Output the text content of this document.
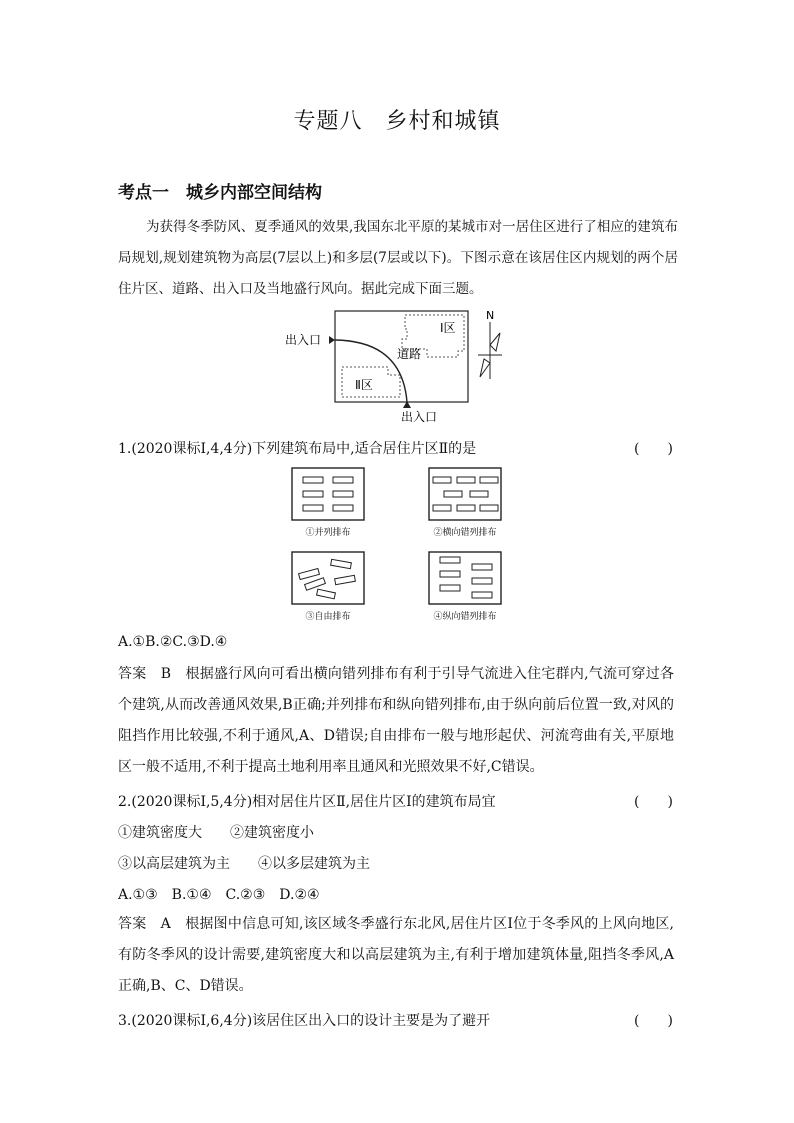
专题八　乡村和城镇
考点一　城乡内部空间结构
为获得冬季防风、夏季通风的效果,我国东北平原的某城市对一居住区进行了相应的建筑布局规划,规划建筑物为高层(7层以上)和多层(7层或以下)。下图示意在该居住区内规划的两个居住片区、道路、出入口及当地盛行风向。据此完成下面三题。
出入口
出入口
Ⅰ区
Ⅱ区
道路
N
1.(2020课标Ⅰ,4,4分)下列建筑布局中,适合居住片区Ⅱ的是	(　　)
①并列排布	②横向错列排布
③自由排布	④纵向错列排布
A.①B.②C.③D.④
答案　B　根据盛行风向可看出横向错列排布有利于引导气流进入住宅群内,气流可穿过各个建筑,从而改善通风效果,B正确;并列排布和纵向错列排布,由于纵向前后位置一致,对风的阻挡作用比较强,不利于通风,A、D错误;自由排布一般与地形起伏、河流弯曲有关,平原地区一般不适用,不利于提高土地利用率且通风和光照效果不好,C错误。
2.(2020课标Ⅰ,5,4分)相对居住片区Ⅱ,居住片区Ⅰ的建筑布局宜	(　　)
①建筑密度大　　②建筑密度小
③以高层建筑为主　　④以多层建筑为主
A.①③　B.①④　C.②③　D.②④
答案　A　根据图中信息可知,该区域冬季盛行东北风,居住片区Ⅰ位于冬季风的上风向地区,有防冬季风的设计需要,建筑密度大和以高层建筑为主,有利于增加建筑体量,阻挡冬季风,A正确,B、C、D错误。
3.(2020课标Ⅰ,6,4分)该居住区出入口的设计主要是为了避开	(　　)
